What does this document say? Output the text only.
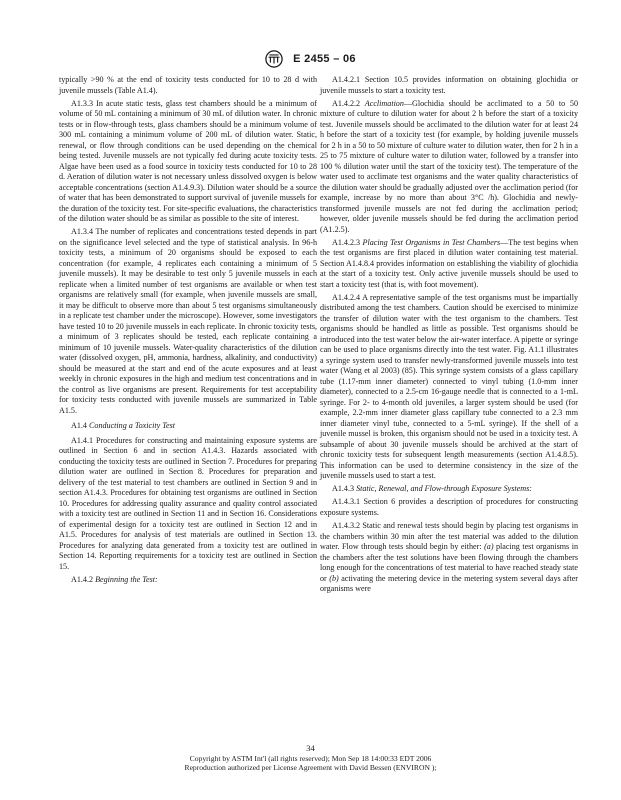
E 2455 – 06

typically >90 % at the end of toxicity tests conducted for 10 to 28 d with juvenile mussels (Table A1.4).

A1.3.3 In acute static tests, glass test chambers should be a minimum of volume of 50 mL containing a minimum of 30 mL of dilution water. In chronic tests or in flow-through tests, glass chambers should be a minimum volume of 300 mL containing a minimum volume of 200 mL of dilution water. Static, renewal, or flow through conditions can be used depending on the chemical being tested. Juvenile mussels are not typically fed during acute toxicity tests. Algae have been used as a food source in toxicity tests conducted for 10 to 28 d. Aeration of dilution water is not necessary unless dissolved oxygen is below acceptable concentrations (section A1.4.9.3). Dilution water should be a source of water that has been demonstrated to support survival of juvenile mussels for the duration of the toxicity test. For site-specific evaluations, the characteristics of the dilution water should be as similar as possible to the site of interest.

A1.3.4 The number of replicates and concentrations tested depends in part on the significance level selected and the type of statistical analysis. In 96-h toxicity tests, a minimum of 20 organisms should be exposed to each concentration (for example, 4 replicates each containing a minimum of 5 juvenile mussels). It may be desirable to test only 5 juvenile mussels in each replicate when a limited number of test organisms are available or when test organisms are relatively small (for example, when juvenile mussels are small, it may be difficult to observe more than about 5 test organisms simultaneously in a replicate test chamber under the microscope). However, some investigators have tested 10 to 20 juvenile mussels in each replicate. In chronic toxicity tests, a minimum of 3 replicates should be tested, each replicate containing a minimum of 10 juvenile mussels. Water-quality characteristics of the dilution water (dissolved oxygen, pH, ammonia, hardness, alkalinity, and conductivity) should be measured at the start and end of the acute exposures and at least weekly in chronic exposures in the high and medium test concentrations and in the control as live organisms are present. Requirements for test acceptability for toxicity tests conducted with juvenile mussels are summarized in Table A1.5.

A1.4 Conducting a Toxicity Test

A1.4.1 Procedures for constructing and maintaining exposure systems are outlined in Section 6 and in section A1.4.3. Hazards associated with conducting the toxicity tests are outlined in Section 7. Procedures for preparing dilution water are outlined in Section 8. Procedures for preparation and delivery of the test material to test chambers are outlined in Section 9 and in section A1.4.3. Procedures for obtaining test organisms are outlined in Section 10. Procedures for addressing quality assurance and quality control associated with a toxicity test are outlined in Section 11 and in Section 16. Considerations of experimental design for a toxicity test are outlined in Section 12 and in A1.5. Procedures for analysis of test materials are outlined in Section 13. Procedures for analyzing data generated from a toxicity test are outlined in Section 14. Reporting requirements for a toxicity test are outlined in Section 15.

A1.4.2 Beginning the Test:

A1.4.2.1 Section 10.5 provides information on obtaining glochidia or juvenile mussels to start a toxicity test.

A1.4.2.2 Acclimation—Glochidia should be acclimated to a 50 to 50 mixture of culture to dilution water for about 2 h before the start of a toxicity test. Juvenile mussels should be acclimated to the dilution water for at least 24 h before the start of a toxicity test (for example, by holding juvenile mussels for 2 h in a 50 to 50 mixture of culture water to dilution water, then for 2 h in a 25 to 75 mixture of culture water to dilution water, followed by a transfer into 100 % dilution water until the start of the toxicity test). The temperature of the water used to acclimate test organisms and the water quality characteristics of the dilution water should be gradually adjusted over the acclimation period (for example, increase by no more than about 3°C /h). Glochidia and newly-transformed juvenile mussels are not fed during the acclimation period; however, older juvenile mussels should be fed during the acclimation period (A1.2.5).

A1.4.2.3 Placing Test Organisms in Test Chambers—The test begins when the test organisms are first placed in dilution water containing test material. Section A1.4.8.4 provides information on establishing the viability of glochidia at the start of a toxicity test. Only active juvenile mussels should be used to start a toxicity test (that is, with foot movement).

A1.4.2.4 A representative sample of the test organisms must be impartially distributed among the test chambers. Caution should be exercised to minimize the transfer of dilution water with the test organism to the chambers. Test organisms should be handled as little as possible. Test organisms should be introduced into the test water below the air-water interface. A pipette or syringe can be used to place organisms directly into the test water. Fig. A1.1 illustrates a syringe system used to transfer newly-transformed juvenile mussels into test water (Wang et al 2003) (85). This syringe system consists of a glass capillary tube (1.17-mm inner diameter) connected to vinyl tubing (1.0-mm inner diameter), connected to a 2.5-cm 16-gauge needle that is connected to a 1-mL syringe. For 2- to 4-month old juveniles, a larger system should be used (for example, 2.2-mm inner diameter glass capillary tube connected to a 2.3 mm inner diameter vinyl tube, connected to a 5-mL syringe). If the shell of a juvenile mussel is broken, this organism should not be used in a toxicity test. A subsample of about 30 juvenile mussels should be archived at the start of chronic toxicity tests for subsequent length measurements (section A1.4.8.5). This information can be used to determine consistency in the size of the juvenile mussels used to start a test.

A1.4.3 Static, Renewal, and Flow-through Exposure Systems:

A1.4.3.1 Section 6 provides a description of procedures for constructing exposure systems.

A1.4.3.2 Static and renewal tests should begin by placing test organisms in the chambers within 30 min after the test material was added to the dilution water. Flow through tests should begin by either: (a) placing test organisms in the chambers after the test solutions have been flowing through the chambers long enough for the concentrations of test material to have reached steady state or (b) activating the metering device in the metering system several days after organisms were

34
Copyright by ASTM Int'l (all rights reserved); Mon Sep 18 14:00:33 EDT 2006
Reproduction authorized per License Agreement with David Bessen (ENVIRON );
